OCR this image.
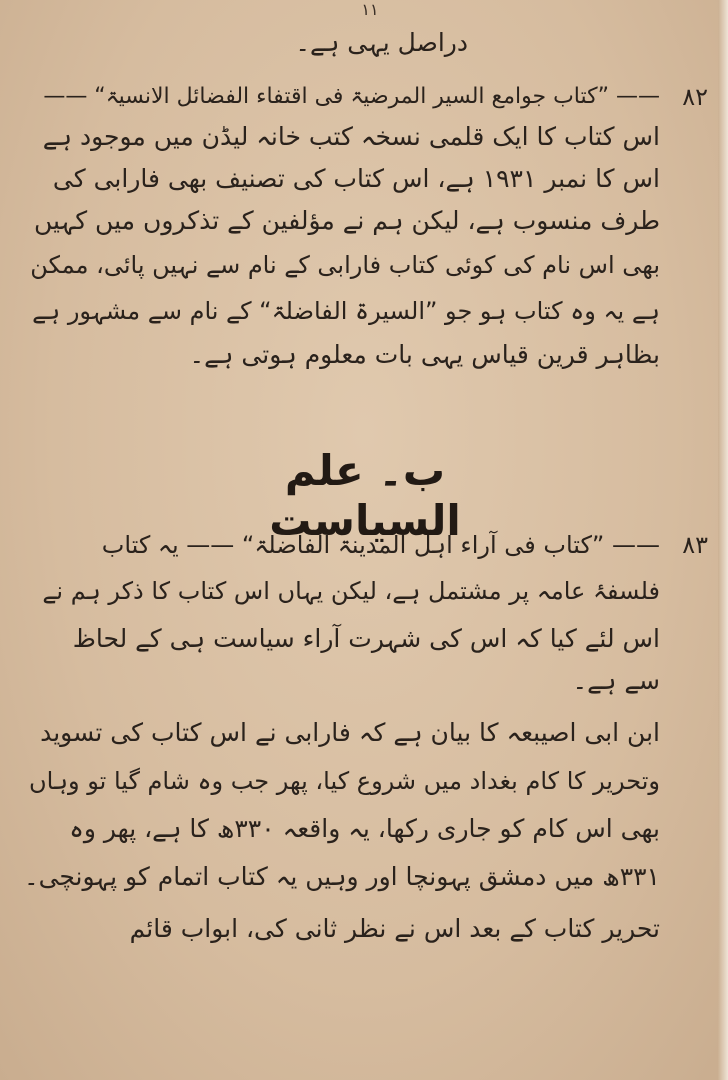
۱۱
دراصل یہی ہے۔
۸۲
—— ”کتاب جوامع السیر المرضیۃ فی اقتفاء الفضائل الانسیۃ“ ——
اس کتاب کا ایک قلمی نسخہ کتب خانہ لیڈن میں موجود ہے
اس کا نمبر ۱۹۳۱ ہے، اس کتاب کی تصنیف بھی فارابی کی
طرف منسوب ہے، لیکن ہم نے مؤلفین کے تذکروں میں کہیں
بھی اس نام کی کوئی کتاب فارابی کے نام سے نہیں پائی، ممکن
ہے یہ وہ کتاب ہو جو ”السیرۃ الفاضلۃ“ کے نام سے مشہور ہے
بظاہر قرین قیاس یہی بات معلوم ہوتی ہے۔
ب۔ علم السیاست	۸۳
—— ”کتاب فی آراء اہل المدینۃ الفاضلۃ“ —— یہ کتاب
فلسفۂ عامہ پر مشتمل ہے، لیکن یہاں اس کتاب کا ذکر ہم نے
اس لئے کیا کہ اس کی شہرت آراء سیاست ہی کے لحاظ
سے ہے۔
ابن ابی اصیبعہ کا بیان ہے کہ فارابی نے اس کتاب کی تسوید
وتحریر کا کام بغداد میں شروع کیا، پھر جب وہ شام گیا تو وہاں
بھی اس کام کو جاری رکھا، یہ واقعہ ۳۳۰ھ کا ہے، پھر وہ
۳۳۱ھ میں دمشق پہونچا اور وہیں یہ کتاب اتمام کو پہونچی۔
تحریر کتاب کے بعد اس نے نظر ثانی کی، ابواب قائم
